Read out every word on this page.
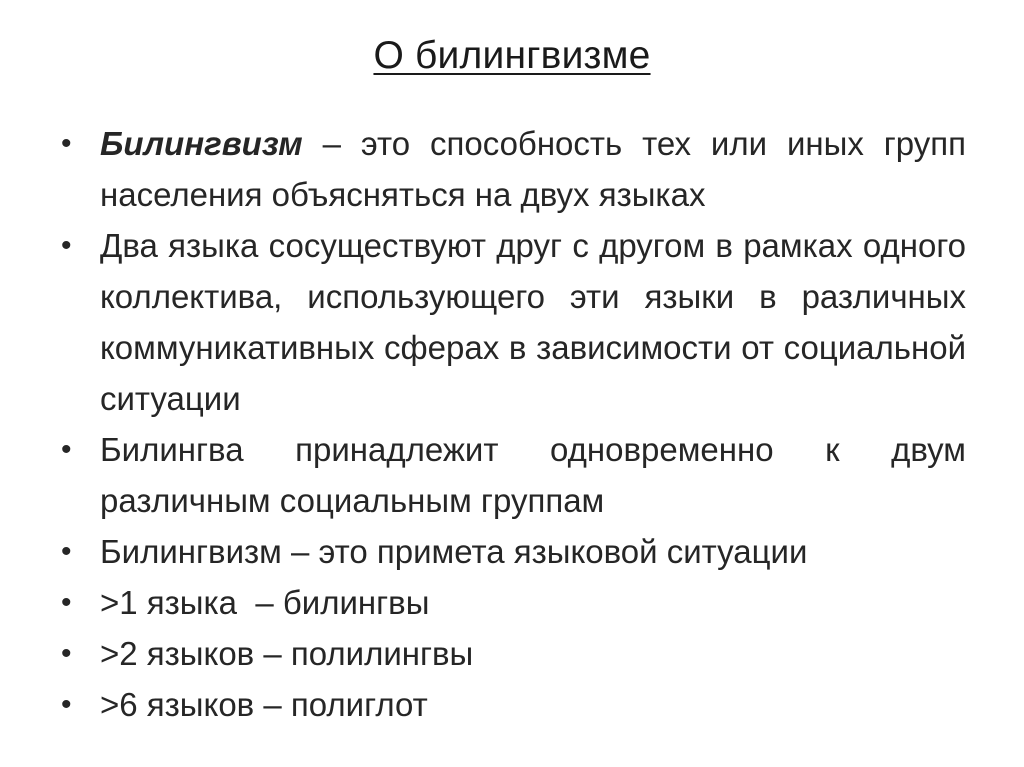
О билингвизме
• Билингвизм – это способность тех или иных групп населения объясняться на двух языках
• Два языка сосуществуют друг с другом в рамках одного коллектива, использующего эти языки в различных коммуникативных сферах в зависимости от социальной ситуации
• Билингва принадлежит одновременно к двум различным социальным группам
• Билингвизм – это примета языковой ситуации
• >1 языка  – билингвы
• >2 языков – полилингвы
• >6 языков – полиглот
